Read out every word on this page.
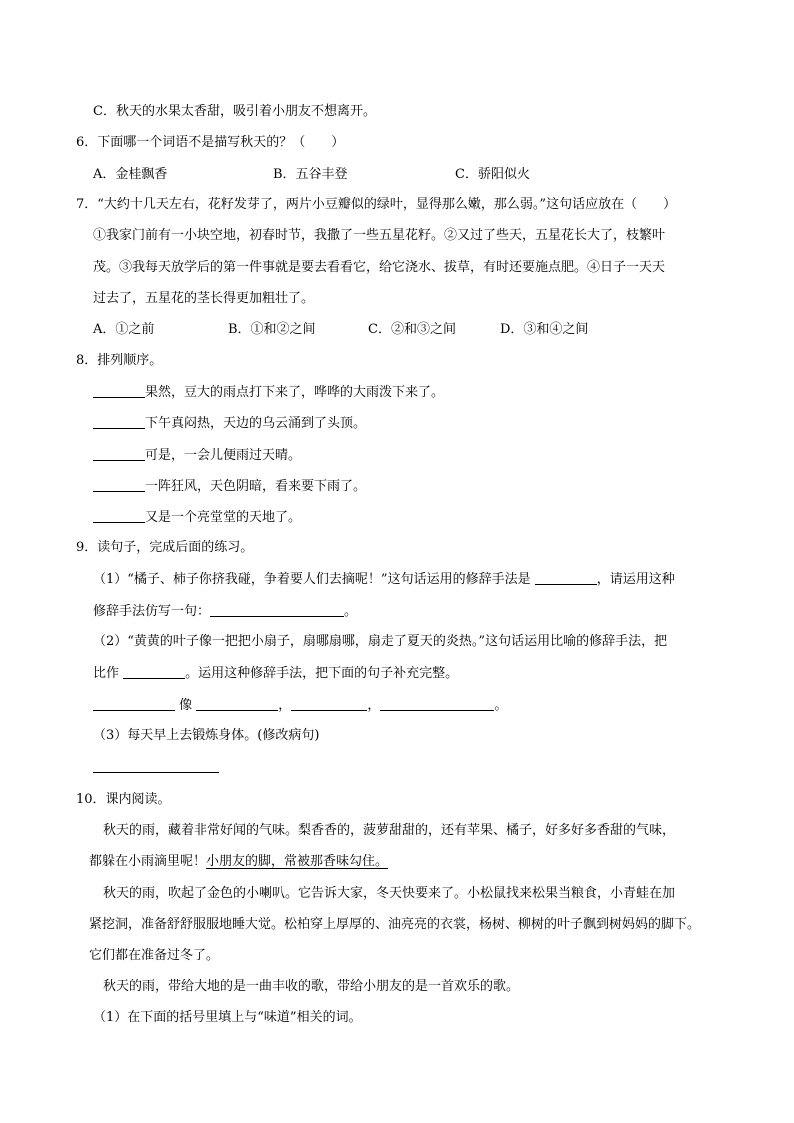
C．秋天的水果太香甜，吸引着小朋友不想离开。
6．下面哪一个词语不是描写秋天的？（　　）
A．金桂飘香	B．五谷丰登	C．骄阳似火
7．“大约十几天左右，花籽发芽了，两片小豆瓣似的绿叶，显得那么嫩，那么弱。”这句话应放在（　　）
①我家门前有一小块空地，初春时节，我撒了一些五星花籽。②又过了些天，五星花长大了，枝繁叶
茂。③我每天放学后的第一件事就是要去看看它，给它浇水、拔草，有时还要施点肥。④日子一天天
过去了，五星花的茎长得更加粗壮了。
A．①之前	B．①和②之间	C．②和③之间	D．③和④之间
8．排列顺序。
果然，豆大的雨点打下来了，哗哗的大雨泼下来了。
下午真闷热，天边的乌云涌到了头顶。
可是，一会儿便雨过天晴。
一阵狂风，天色阴暗，看来要下雨了。
又是一个亮堂堂的天地了。
9．读句子，完成后面的练习。
（1）“橘子、柿子你挤我碰，争着要人们去摘呢！”这句话运用的修辞手法是	，请运用这种
修辞手法仿写一句：	。
（2）“黄黄的叶子像一把把小扇子，扇哪扇哪，扇走了夏天的炎热。”这句话运用比喻的修辞手法，把
比作	。运用这种修辞手法，把下面的句子补充完整。
像	，	，	。
（3）每天早上去锻炼身体。(修改病句)
10．课内阅读。
秋天的雨，藏着非常好闻的气味。梨香香的，菠萝甜甜的，还有苹果、橘子，好多好多香甜的气味，
都躲在小雨滴里呢！小朋友的脚，常被那香味勾住。
秋天的雨，吹起了金色的小喇叭。它告诉大家，冬天快要来了。小松鼠找来松果当粮食，小青蛙在加
紧挖洞，准备舒舒服服地睡大觉。松柏穿上厚厚的、油亮亮的衣裳，杨树、柳树的叶子飘到树妈妈的脚下。
它们都在准备过冬了。
秋天的雨，带给大地的是一曲丰收的歌，带给小朋友的是一首欢乐的歌。
（1）在下面的括号里填上与“味道”相关的词。
